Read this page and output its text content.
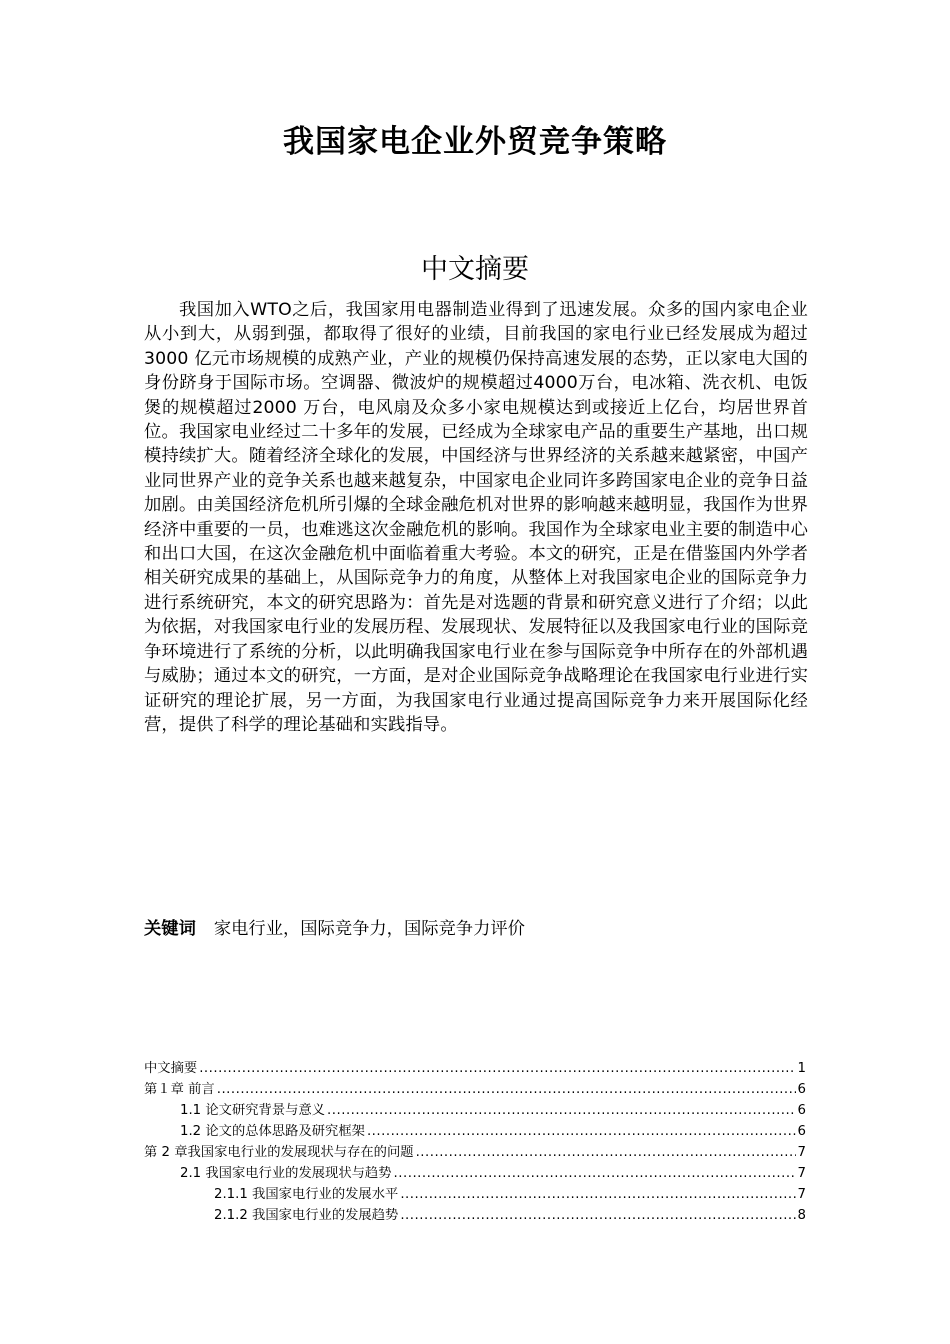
我国家电企业外贸竞争策略
中文摘要

我国加入WTO之后，我国家用电器制造业得到了迅速发展。众多的国内家电企业从小到大，从弱到强，都取得了很好的业绩，目前我国的家电行业已经发展成为超过3000 亿元市场规模的成熟产业，产业的规模仍保持高速发展的态势，正以家电大国的身份跻身于国际市场。空调器、微波炉的规模超过4000万台，电冰箱、洗衣机、电饭煲的规模超过2000 万台，电风扇及众多小家电规模达到或接近上亿台，均居世界首位。我国家电业经过二十多年的发展，已经成为全球家电产品的重要生产基地，出口规模持续扩大。随着经济全球化的发展，中国经济与世界经济的关系越来越紧密，中国产业同世界产业的竞争关系也越来越复杂，中国家电企业同许多跨国家电企业的竞争日益加剧。由美国经济危机所引爆的全球金融危机对世界的影响越来越明显，我国作为世界经济中重要的一员，也难逃这次金融危机的影响。我国作为全球家电业主要的制造中心和出口大国，在这次金融危机中面临着重大考验。本文的研究，正是在借鉴国内外学者相关研究成果的基础上，从国际竞争力的角度，从整体上对我国家电企业的国际竞争力进行系统研究，本文的研究思路为：首先是对选题的背景和研究意义进行了介绍；以此为依据，对我国家电行业的发展历程、发展现状、发展特征以及我国家电行业的国际竞争环境进行了系统的分析，以此明确我国家电行业在参与国际竞争中所存在的外部机遇与威胁；通过本文的研究，一方面，是对企业国际竞争战略理论在我国家电行业进行实证研究的理论扩展，另一方面，为我国家电行业通过提高国际竞争力来开展国际化经营，提供了科学的理论基础和实践指导。

关键词 家电行业，国际竞争力，国际竞争力评价

中文摘要 .....	1
第１章 前言 .....	6
1.1 论文研究背景与意义 .....	6
1.2 论文的总体思路及研究框架 .....	6
第 2 章我国家电行业的发展现状与存在的问题 .....	7
2.1 我国家电行业的发展现状与趋势 .....	7
2.1.1 我国家电行业的发展水平 .....	7
2.1.2 我国家电行业的发展趋势 .....	8
